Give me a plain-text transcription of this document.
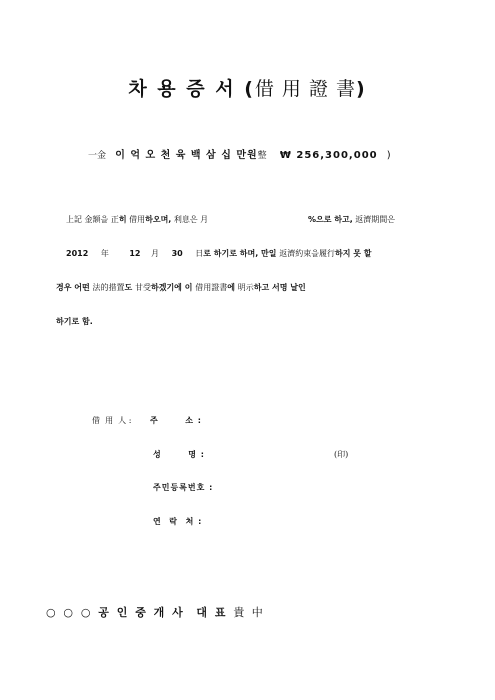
차 용 증 서 (借 用 證 書)
一金 이 억 오 천 육 백 삼 십 만원整 ₩ 256,300,000 )
上記 金額을 正히 借用하오며, 利息은 月	%으로 하고, 返濟期間은
2012 年	12 月 30 日로 하기로 하며, 만일 返濟約束을履行하지 못 할
경우 어떤 法的措置도 甘受하겠기에 이 借用證書에 明示하고 서명 날인
하기로 함.
借  用  人 : 주       소 :
성       명 :	(印)
주민등록번호 :
연  락  처 :
○ ○ ○ 공 인 중 개 사  대 표 貴 中
